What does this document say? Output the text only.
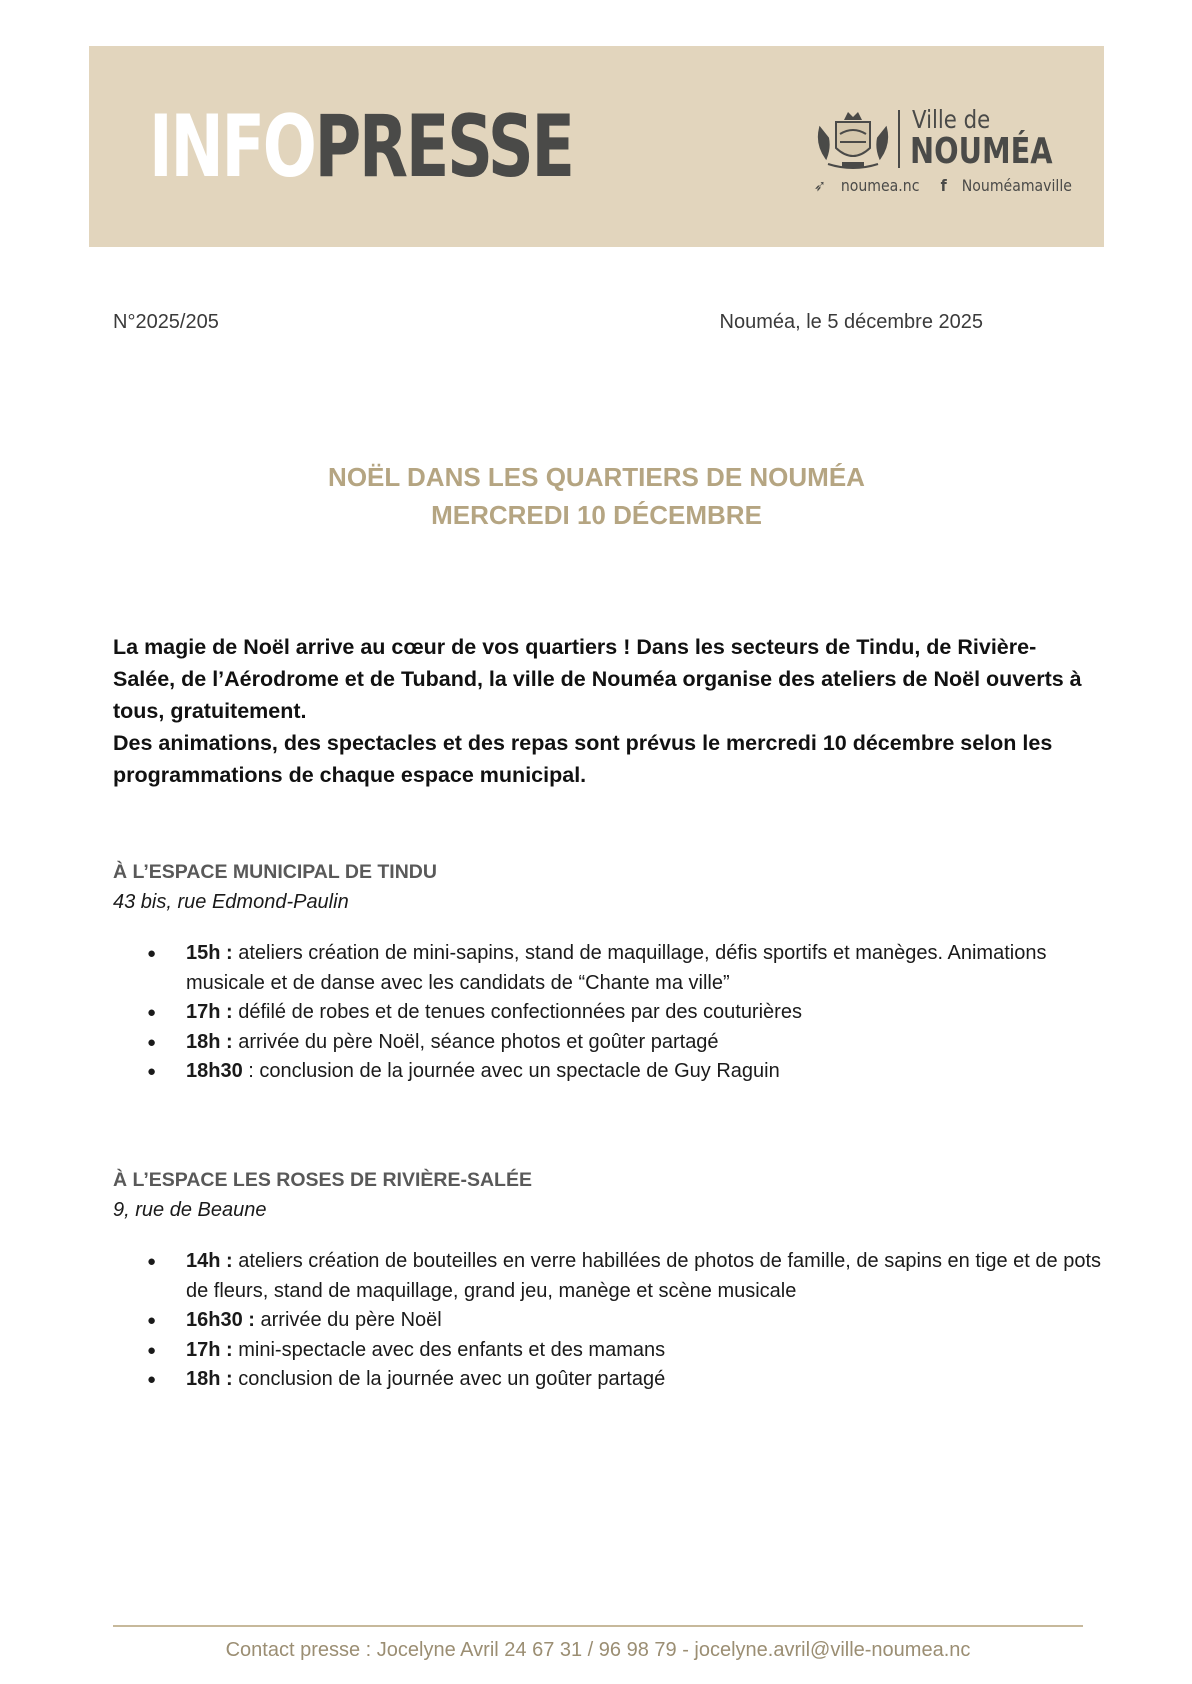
INFOPRESSE	Ville de
NOUMÉA
➶ noumea.nc f Nouméamaville
N°2025/205	Nouméa, le 5 décembre 2025
NOËL DANS LES QUARTIERS DE NOUMÉA
MERCREDI 10 DÉCEMBRE

La magie de Noël arrive au cœur de vos quartiers ! Dans les secteurs de Tindu, de Rivière-Salée, de l’Aérodrome et de Tuband, la ville de Nouméa organise des ateliers de Noël ouverts à tous, gratuitement.

Des animations, des spectacles et des repas sont prévus le mercredi 10 décembre selon les programmations de chaque espace municipal.

À L’ESPACE MUNICIPAL DE TINDU
43 bis, rue Edmond-Paulin
● 15h : ateliers création de mini-sapins, stand de maquillage, défis sportifs et manèges. Animations musicale et de danse avec les candidats de “Chante ma ville”
● 17h : défilé de robes et de tenues confectionnées par des couturières
● 18h : arrivée du père Noël, séance photos et goûter partagé
● 18h30 : conclusion de la journée avec un spectacle de Guy Raguin
À L’ESPACE LES ROSES DE RIVIÈRE-SALÉE
9, rue de Beaune
● 14h : ateliers création de bouteilles en verre habillées de photos de famille, de sapins en tige et de pots de fleurs, stand de maquillage, grand jeu, manège et scène musicale
● 16h30 : arrivée du père Noël
● 17h : mini-spectacle avec des enfants et des mamans
● 18h : conclusion de la journée avec un goûter partagé
Contact presse : Jocelyne Avril 24 67 31 / 96 98 79 - jocelyne.avril@ville-noumea.nc
